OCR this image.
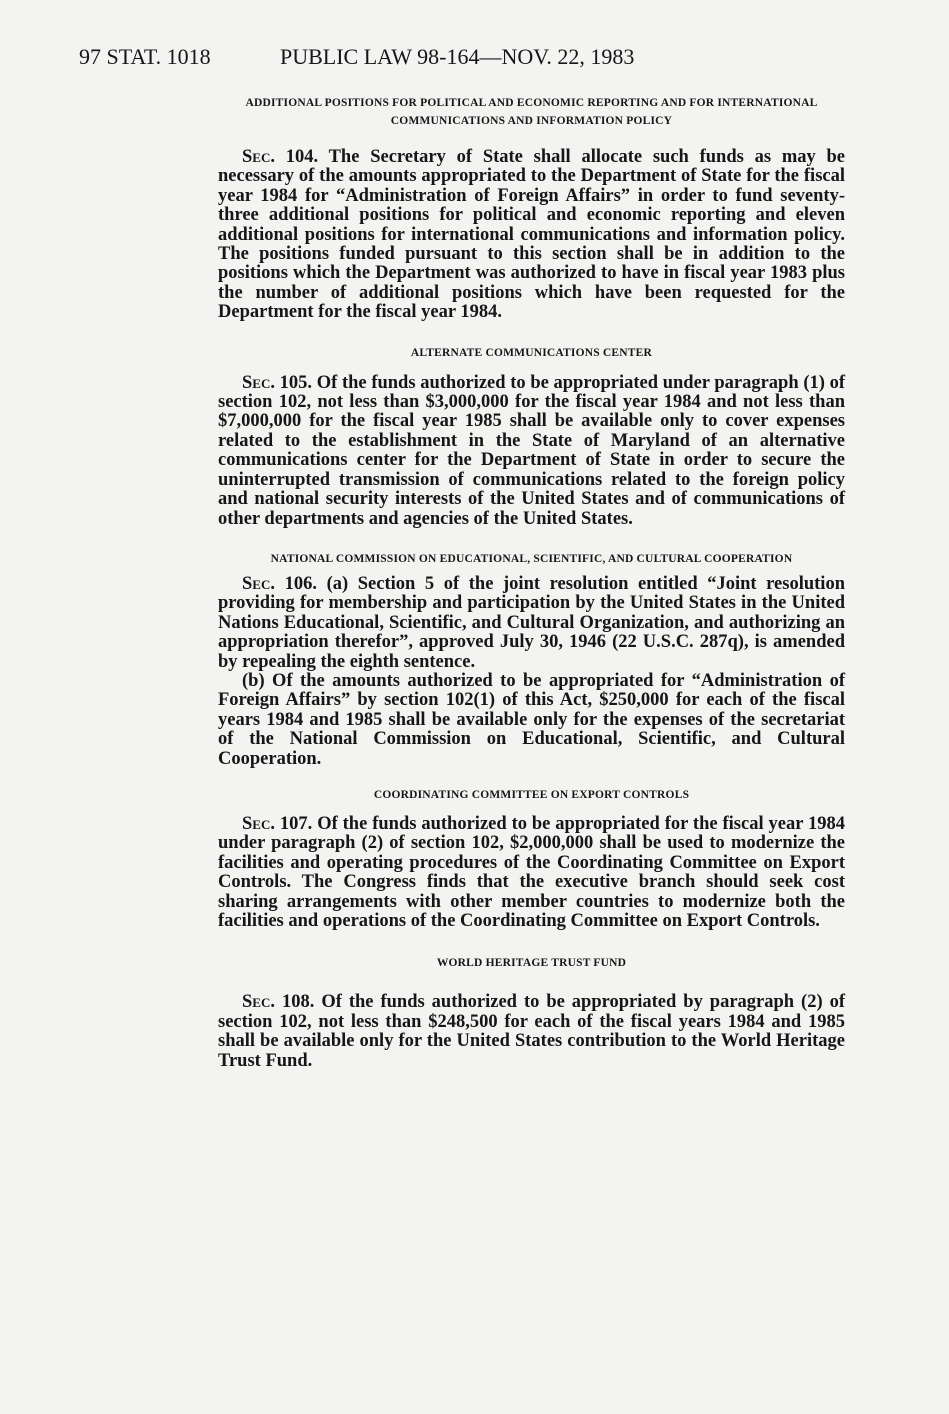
97 STAT. 1018	PUBLIC LAW 98-164—NOV. 22, 1983
ADDITIONAL POSITIONS FOR POLITICAL AND ECONOMIC REPORTING AND FOR INTERNATIONAL COMMUNICATIONS AND INFORMATION POLICY

Sec. 104. The Secretary of State shall allocate such funds as may be necessary of the amounts appropriated to the Department of State for the fiscal year 1984 for “Administration of Foreign Affairs” in order to fund seventy-three additional positions for political and economic reporting and eleven additional positions for international communications and information policy. The positions funded pursuant to this section shall be in addition to the positions which the Department was authorized to have in fiscal year 1983 plus the number of additional positions which have been requested for the Department for the fiscal year 1984.

ALTERNATE COMMUNICATIONS CENTER

Sec. 105. Of the funds authorized to be appropriated under paragraph (1) of section 102, not less than $3,000,000 for the fiscal year 1984 and not less than $7,000,000 for the fiscal year 1985 shall be available only to cover expenses related to the establishment in the State of Maryland of an alternative communications center for the Department of State in order to secure the uninterrupted transmission of communications related to the foreign policy and national security interests of the United States and of communications of other departments and agencies of the United States.

NATIONAL COMMISSION ON EDUCATIONAL, SCIENTIFIC, AND CULTURAL COOPERATION

Sec. 106. (a) Section 5 of the joint resolution entitled “Joint resolution providing for membership and participation by the United States in the United Nations Educational, Scientific, and Cultural Organization, and authorizing an appropriation therefor”, approved July 30, 1946 (22 U.S.C. 287q), is amended by repealing the eighth sentence.

(b) Of the amounts authorized to be appropriated for “Administration of Foreign Affairs” by section 102(1) of this Act, $250,000 for each of the fiscal years 1984 and 1985 shall be available only for the expenses of the secretariat of the National Commission on Educational, Scientific, and Cultural Cooperation.

COORDINATING COMMITTEE ON EXPORT CONTROLS

Sec. 107. Of the funds authorized to be appropriated for the fiscal year 1984 under paragraph (2) of section 102, $2,000,000 shall be used to modernize the facilities and operating procedures of the Coordinating Committee on Export Controls. The Congress finds that the executive branch should seek cost sharing arrangements with other member countries to modernize both the facilities and operations of the Coordinating Committee on Export Controls.

WORLD HERITAGE TRUST FUND

Sec. 108. Of the funds authorized to be appropriated by paragraph (2) of section 102, not less than $248,500 for each of the fiscal years 1984 and 1985 shall be available only for the United States contribution to the World Heritage Trust Fund.
